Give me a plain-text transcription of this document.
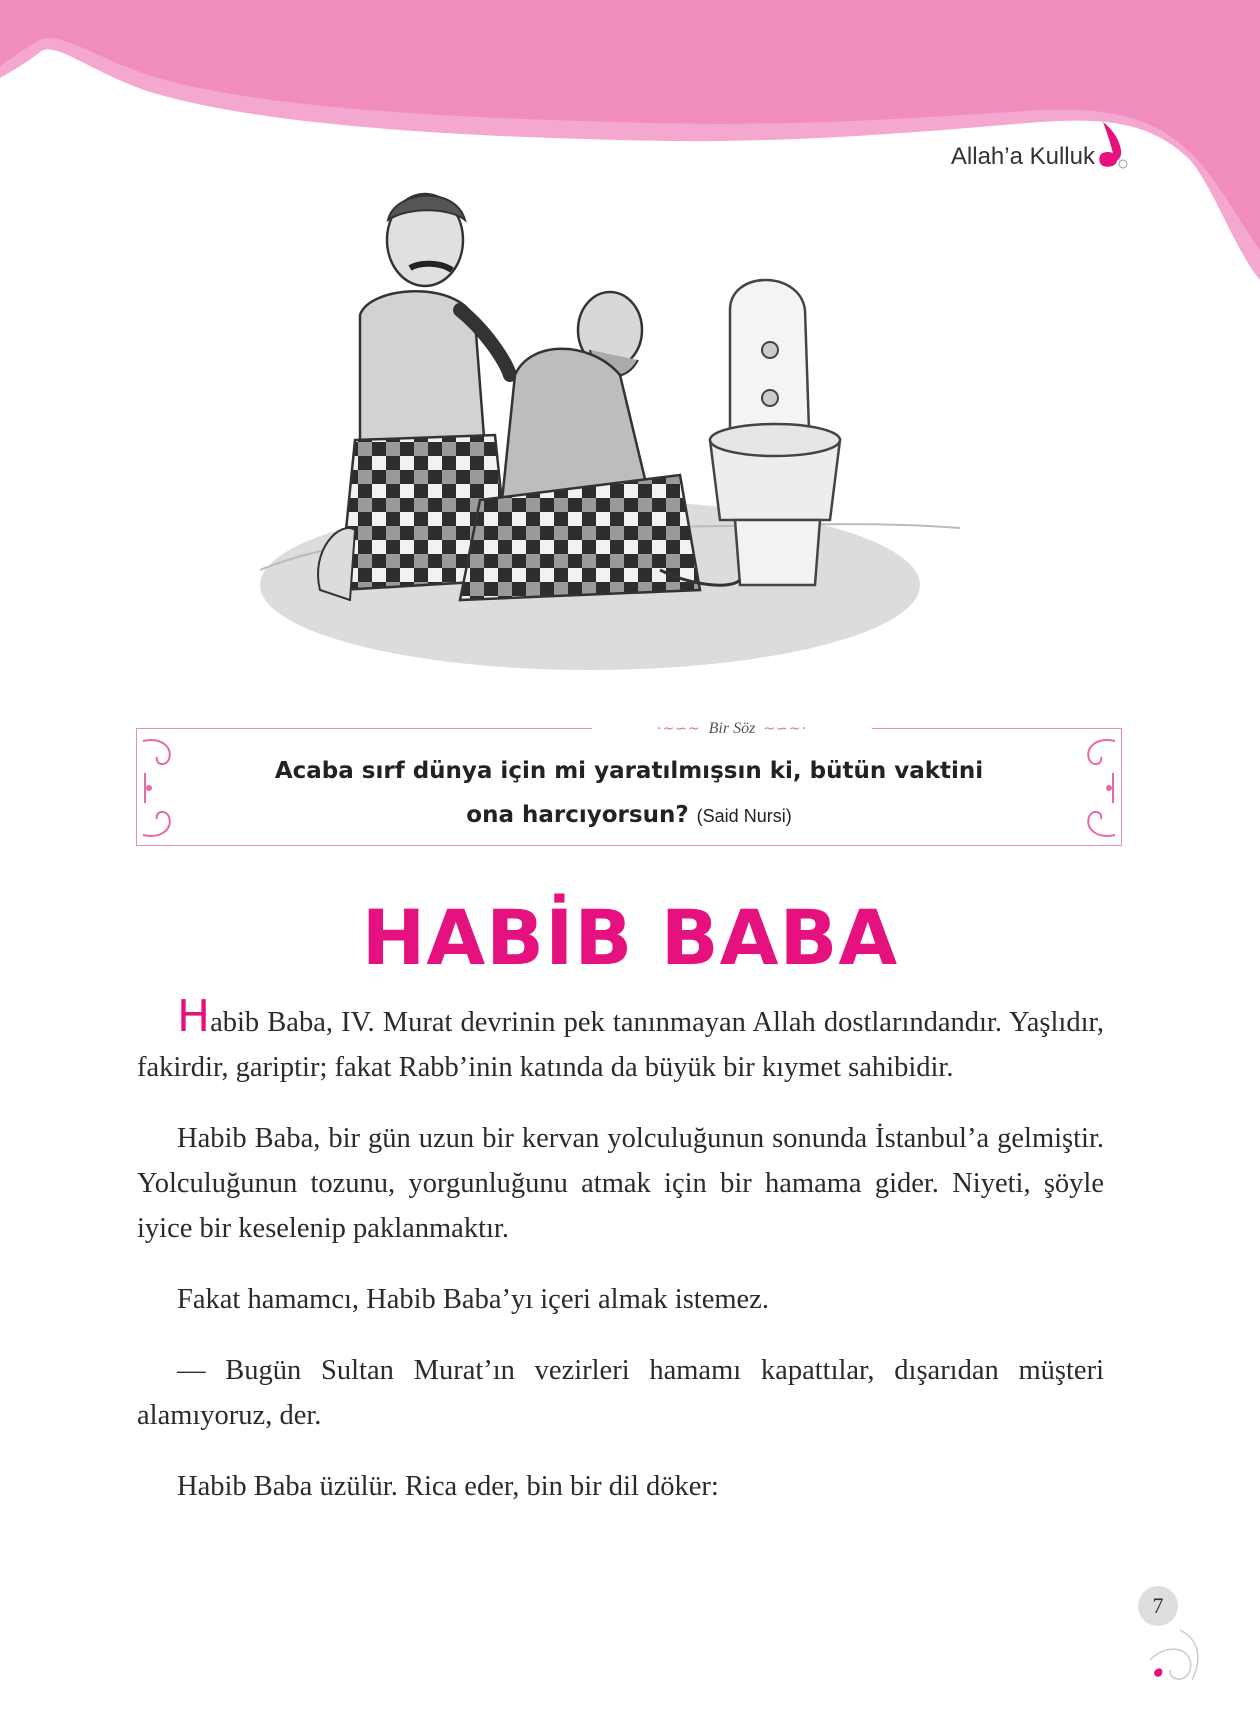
Allah’a Kulluk
·~∽~ Bir Söz ~∽~·
Acaba sırf dünya için mi yaratılmışsın ki, bütün vaktini
ona harcıyorsun? (Said Nursi)
HABİB BABA

Habib Baba, IV. Murat devrinin pek tanınmayan Allah dostlarındandır. Yaşlıdır, fakirdir, gariptir; fakat Rabb’inin katında da büyük bir kıymet sahibidir.

Habib Baba, bir gün uzun bir kervan yolculuğunun sonunda İstanbul’a gelmiştir. Yolculuğunun tozunu, yorgunluğunu atmak için bir hamama gider. Niyeti, şöyle iyice bir keselenip paklanmaktır.

Fakat hamamcı, Habib Baba’yı içeri almak istemez.

— Bugün Sultan Murat’ın vezirleri hamamı kapattılar, dışarıdan müşteri alamıyoruz, der.

Habib Baba üzülür. Rica eder, bin bir dil döker:

7
